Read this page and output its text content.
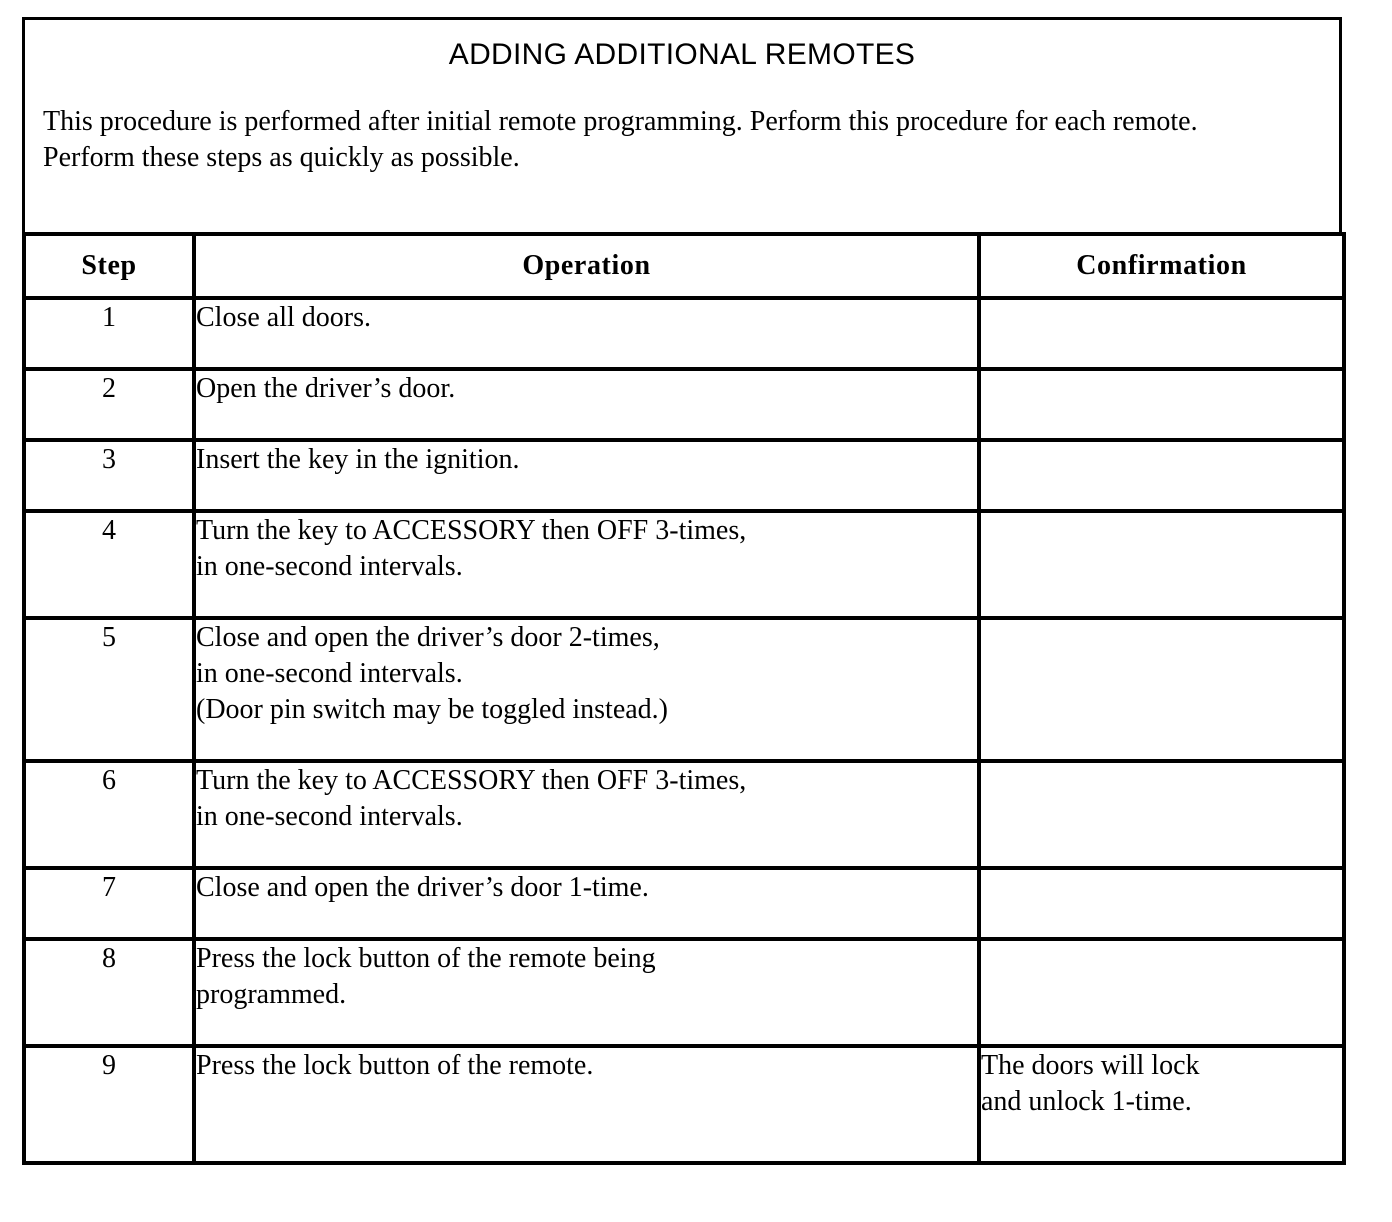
ADDING ADDITIONAL REMOTES

This procedure is performed after initial remote programming. Perform this procedure for each remote.

Perform these steps as quickly as possible.

Step	Operation	Confirmation
1	Close all doors.	

2	Open the driver’s door.	

3	Insert the key in the ignition.	

4	Turn the key to ACCESSORY then OFF 3-times,
in one-second intervals.	

5	Close and open the driver’s door 2-times,
in one-second intervals.
(Door pin switch may be toggled instead.)	

6	Turn the key to ACCESSORY then OFF 3-times,
in one-second intervals.	

7	Close and open the driver’s door 1-time.	

8	Press the lock button of the remote being
programmed.	

9	Press the lock button of the remote.	The doors will lock
and unlock 1-time.
